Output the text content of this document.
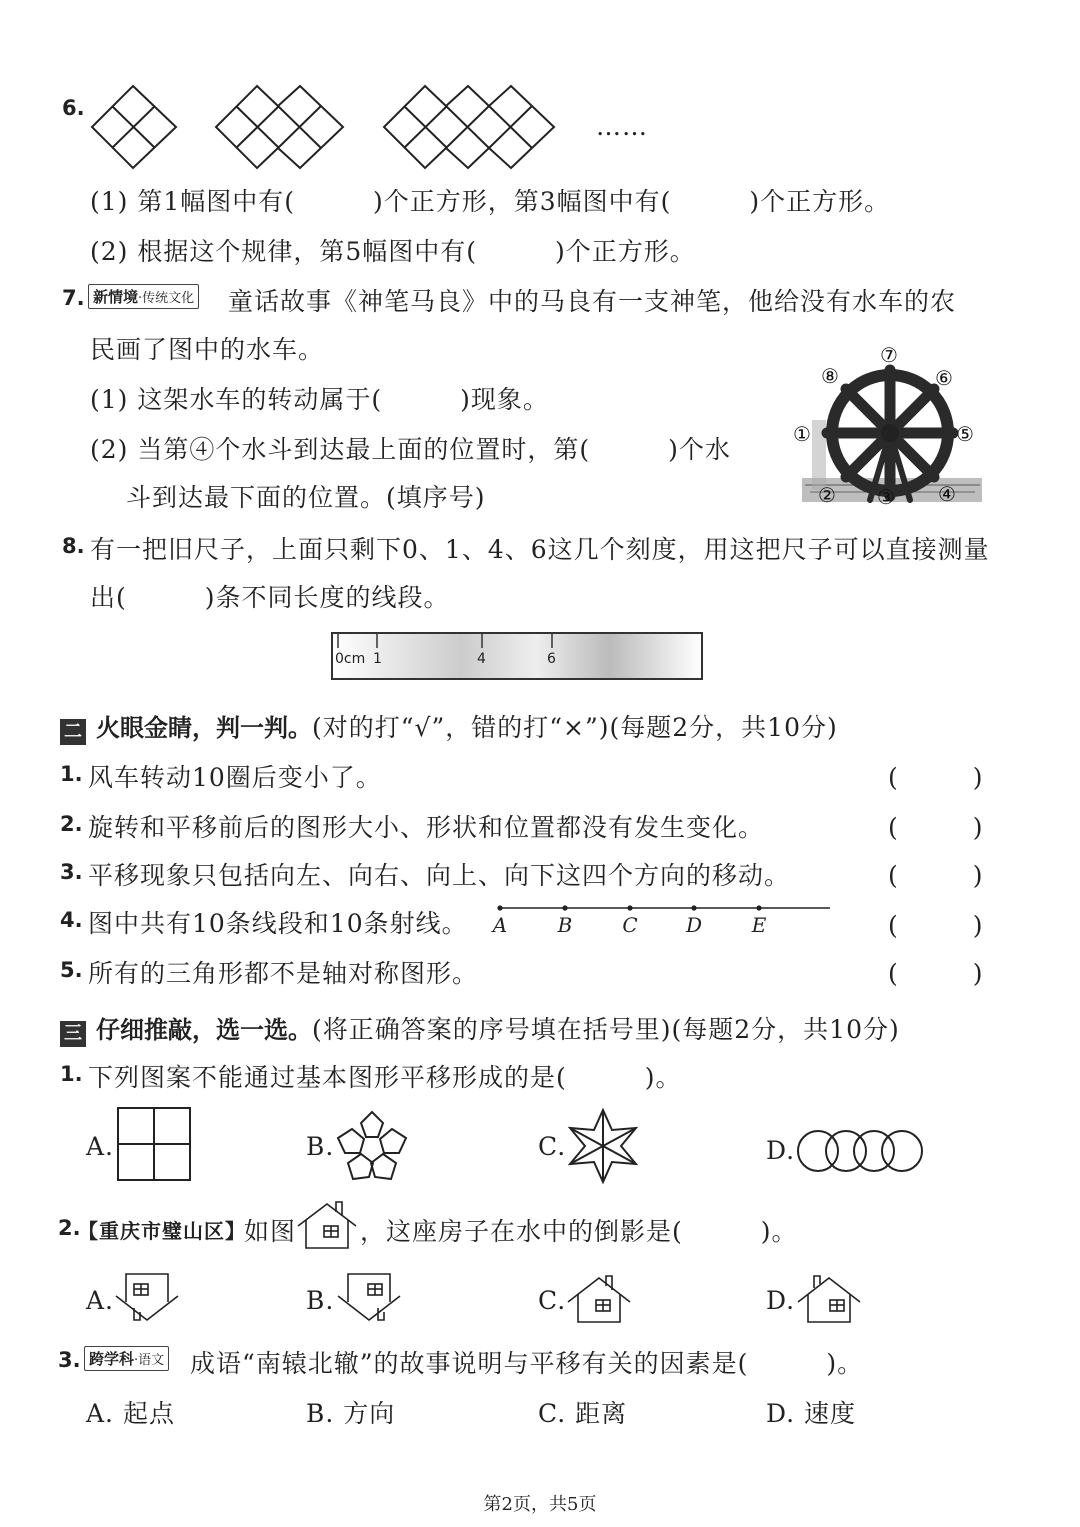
6.
……
(1) 第1幅图中有(　　　)个正方形，第3幅图中有(　　　)个正方形。
(2) 根据这个规律，第5幅图中有(　　　)个正方形。
7. 新情境·传统文化 童话故事《神笔马良》中的马良有一支神笔，他给没有水车的农
民画了图中的水车。
(1) 这架水车的转动属于(　　　)现象。
(2) 当第④个水斗到达最上面的位置时，第(　　　)个水
斗到达最下面的位置。(填序号)
①
② ③ ④
⑤
⑥
⑦
⑧
8. 有一把旧尺子，上面只剩下0、1、4、6这几个刻度，用这把尺子可以直接测量
出(　　　)条不同长度的线段。
0cm 1	4	6
二 火眼金睛，判一判。(对的打“√”，错的打“×”)(每题2分，共10分)
1. 风车转动10圈后变小了。	(　　　)
2. 旋转和平移前后的图形大小、形状和位置都没有发生变化。	(　　　)
3. 平移现象只包括向左、向右、向上、向下这四个方向的移动。	(　　　)
4. 图中共有10条线段和10条射线。 A	B C D E	(　　　)
5. 所有的三角形都不是轴对称图形。	(　　　)
三 仔细推敲，选一选。(将正确答案的序号填在括号里)(每题2分，共10分)
1. 下列图案不能通过基本图形平移形成的是(　　　)。
A.	B.	C.	D.
2.
【重庆市璧山区】
如图	，这座房子在水中的倒影是(　　　)。
A.	B.	C.	D.
3. 跨学科·语文 成语“南辕北辙”的故事说明与平移有关的因素是(　　　)。
A. 起点	B. 方向	C. 距离	D. 速度
第2页，共5页
